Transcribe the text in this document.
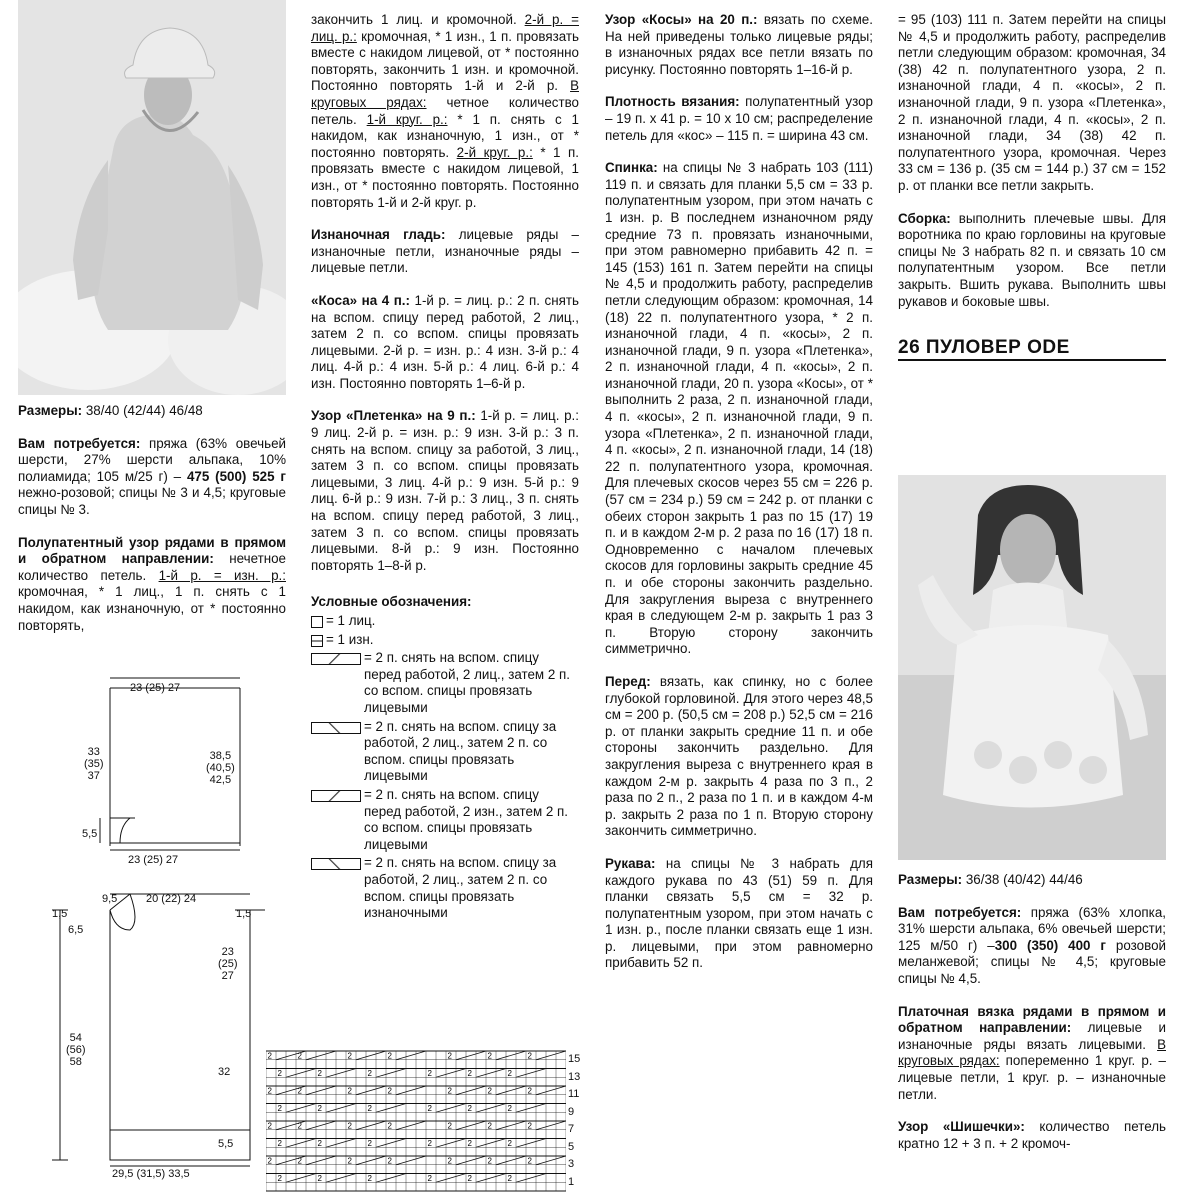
Размеры: 38/40 (42/44) 46/48

Вам потребуется: пряжа (63% овечьей шерсти, 27% шерсти альпака, 10% полиамида; 105 м/25 г) – 475 (500) 525 г нежно-розовой; спицы № 3 и 4,5; круговые спицы № 3.

Полупатентный узор рядами в прямом и обратном направлении: нечетное количество петель. 1-й р. = изн. р.: кромочная, * 1 лиц., 1 п. снять с 1 накидом, как изнаночную, от * постоянно повторять,

23 (25) 27
33
(35)
37
38,5
(40,5)
42,5
5,5
23 (25) 27
9,5	20 (22) 24
1,5	1,5
6,5
23
(25)
27
54
(56)
58
32
5,5
29,5 (31,5) 33,5

закончить 1 лиц. и кромочной. 2-й р. = лиц. р.: кромочная, * 1 изн., 1 п. провязать вместе с накидом лицевой, от * постоянно повторять, закончить 1 изн. и кромочной. Постоянно повторять 1-й и 2-й р. В круговых рядах: четное количество петель. 1-й круг. р.: * 1 п. снять с 1 накидом, как изнаночную, 1 изн., от * постоянно повторять. 2-й круг. р.: * 1 п. провязать вместе с накидом лицевой, 1 изн., от * постоянно повторять. Постоянно повторять 1-й и 2-й круг. р.

Изнаночная гладь: лицевые ряды – изнаночные петли, изнаночные ряды – лицевые петли.

«Коса» на 4 п.: 1-й р. = лиц. р.: 2 п. снять на вспом. спицу перед работой, 2 лиц., затем 2 п. со вспом. спицы провязать лицевыми. 2-й р. = изн. р.: 4 изн. 3-й р.: 4 лиц. 4-й р.: 4 изн. 5-й р.: 4 лиц. 6-й р.: 4 изн. Постоянно повторять 1–6-й р.

Узор «Плетенка» на 9 п.: 1-й р. = лиц. р.: 9 лиц. 2-й р. = изн. р.: 9 изн. 3-й р.: 3 п. снять на вспом. спицу за работой, 3 лиц., затем 3 п. со вспом. спицы провязать лицевыми, 3 лиц. 4-й р.: 9 изн. 5-й р.: 9 лиц. 6-й р.: 9 изн. 7-й р.: 3 лиц., 3 п. снять на вспом. спицу перед работой, 3 лиц., затем 3 п. со вспом. спицы провязать лицевыми. 8-й р.: 9 изн. Постоянно повторять 1–8-й р.

Условные обозначения:
= 1 лиц.
= 1 изн.
= 2 п. снять на вспом. спицу перед работой, 2 лиц., затем 2 п. со вспом. спицы провязать лицевыми
= 2 п. снять на вспом. спицу за работой, 2 лиц., затем 2 п. со вспом. спицы провязать лицевыми
= 2 п. снять на вспом. спицу перед работой, 2 изн., затем 2 п. со вспом. спицы провязать лицевыми
= 2 п. снять на вспом. спицу за работой, 2 лиц., затем 2 п. со вспом. спицы провязать изнаночными
2	2	2	2	2	2	2
2	2	2	2	2	2
2	2	2	2	2	2	2
2	2	2	2	2	2
2	2	2	2	2	2	2
2	2	2	2	2	2
2	2	2	2	2	2	2
2	2	2	2	2	2
15
13
11
9
7
5
3
1

Узор «Косы» на 20 п.: вязать по схеме. На ней приведены только лицевые ряды; в изнаночных рядах все петли вязать по рисунку. Постоянно повторять 1–16-й р.

Плотность вязания: полупатентный узор – 19 п. х 41 р. = 10 х 10 см; распределение петель для «кос» – 115 п. = ширина 43 см.

Спинка: на спицы № 3 набрать 103 (111) 119 п. и связать для планки 5,5 см = 33 р. полупатентным узором, при этом начать с 1 изн. р. В последнем изнаночном ряду средние 73 п. провязать изнаночными, при этом равномерно прибавить 42 п. = 145 (153) 161 п. Затем перейти на спицы № 4,5 и продолжить работу, распределив петли следующим образом: кромочная, 14 (18) 22 п. полупатентного узора, * 2 п. изнаночной глади, 4 п. «косы», 2 п. изнаночной глади, 9 п. узора «Плетенка», 2 п. изнаночной глади, 4 п. «косы», 2 п. изнаночной глади, 20 п. узора «Косы», от * выполнить 2 раза, 2 п. изнаночной глади, 4 п. «косы», 2 п. изнаночной глади, 9 п. узора «Плетенка», 2 п. изнаночной глади, 4 п. «косы», 2 п. изнаночной глади, 14 (18) 22 п. полупатентного узора, кромочная. Для плечевых скосов через 55 см = 226 р. (57 см = 234 р.) 59 см = 242 р. от планки с обеих сторон закрыть 1 раз по 15 (17) 19 п. и в каждом 2-м р. 2 раза по 16 (17) 18 п. Одновременно с началом плечевых скосов для горловины закрыть средние 45 п. и обе стороны закончить раздельно. Для закругления выреза с внутреннего края в следующем 2-м р. закрыть 1 раз 3 п. Вторую сторону закончить симметрично.

Перед: вязать, как спинку, но с более глубокой горловиной. Для этого через 48,5 см = 200 р. (50,5 см = 208 р.) 52,5 см = 216 р. от планки закрыть средние 11 п. и обе стороны закончить раздельно. Для закругления выреза с внутреннего края в каждом 2-м р. закрыть 4 раза по 3 п., 2 раза по 2 п., 2 раза по 1 п. и в каждом 4-м р. закрыть 2 раза по 1 п. Вторую сторону закончить симметрично.

Рукава: на спицы № 3 набрать для каждого рукава по 43 (51) 59 п. Для планки связать 5,5 см = 32 р. полупатентным узором, при этом начать с 1 изн. р., после планки связать еще 1 изн. р. лицевыми, при этом равномерно прибавить 52 п.

= 95 (103) 111 п. Затем перейти на спицы № 4,5 и продолжить работу, распределив петли следующим образом: кромочная, 34 (38) 42 п. полупатентного узора, 2 п. изнаночной глади, 4 п. «косы», 2 п. изнаночной глади, 9 п. узора «Плетенка», 2 п. изнаночной глади, 4 п. «косы», 2 п. изнаночной глади, 34 (38) 42 п. полупатентного узора, кромочная. Через 33 см = 136 р. (35 см = 144 р.) 37 см = 152 р. от планки все петли закрыть.

Сборка: выполнить плечевые швы. Для воротника по краю горловины на круговые спицы № 3 набрать 82 п. и связать 10 см полупатентным узором. Все петли закрыть. Вшить рукава. Выполнить швы рукавов и боковые швы.

26 ПУЛОВЕР ODE

Размеры: 36/38 (40/42) 44/46

Вам потребуется: пряжа (63% хлопка, 31% шерсти альпака, 6% овечьей шерсти; 125 м/50 г) –300 (350) 400 г розовой меланжевой; спицы № 4,5; круговые спицы № 4,5.

Платочная вязка рядами в прямом и обратном направлении: лицевые и изнаночные ряды вязать лицевыми. В круговых рядах: попеременно 1 круг. р. – лицевые петли, 1 круг. р. – изнаночные петли.

Узор «Шишечки»: количество петель кратно 12 + 3 п. + 2 кромоч-
